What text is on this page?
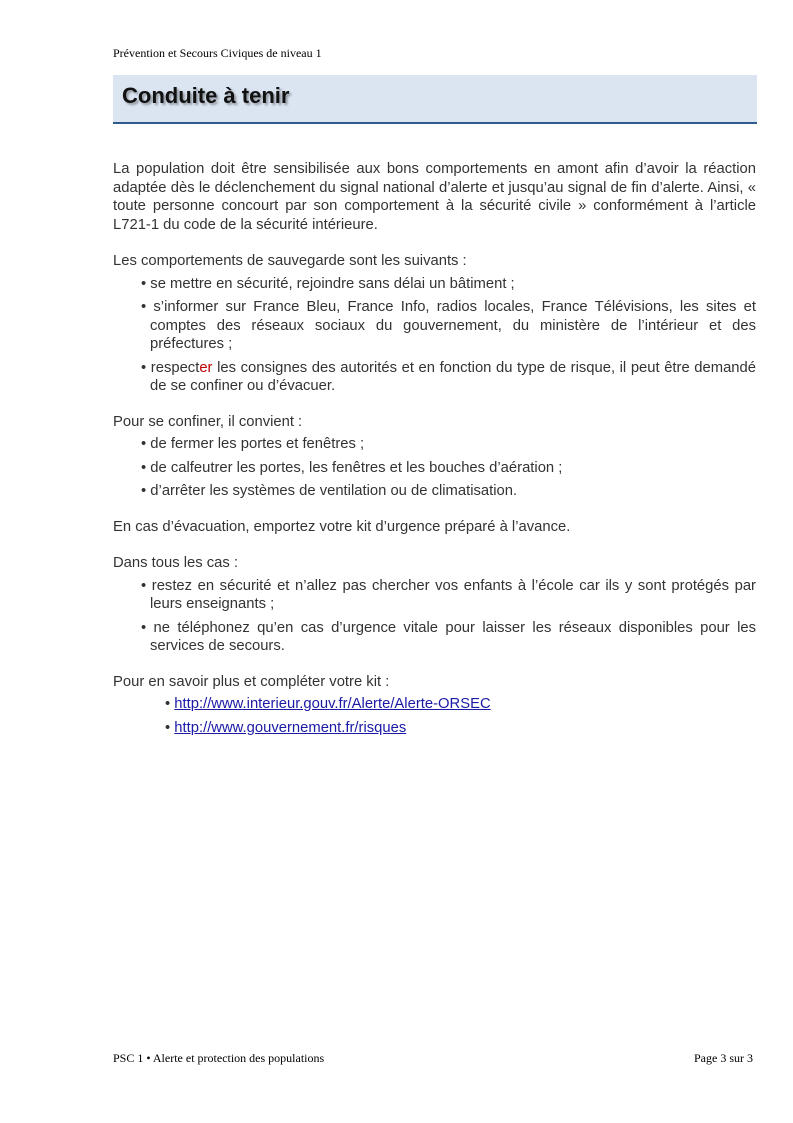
Prévention et Secours Civiques de niveau 1
Conduite à tenir

La population doit être sensibilisée aux bons comportements en amont afin d’avoir la réaction adaptée dès le déclenchement du signal national d’alerte et jusqu’au signal de fin d’alerte. Ainsi, « toute personne concourt par son comportement à la sécurité civile » conformément à l’article L721-1 du code de la sécurité intérieure.

Les comportements de sauvegarde sont les suivants :

• se mettre en sécurité, rejoindre sans délai un bâtiment ;
• s’informer sur France Bleu, France Info, radios locales, France Télévisions, les sites et comptes des réseaux sociaux du gouvernement, du ministère de l’intérieur et des préfectures ;
• respecter les consignes des autorités et en fonction du type de risque, il peut être demandé de se confiner ou d’évacuer.

Pour se confiner, il convient :

• de fermer les portes et fenêtres ;
• de calfeutrer les portes, les fenêtres et les bouches d’aération ;
• d’arrêter les systèmes de ventilation ou de climatisation.

En cas d’évacuation, emportez votre kit d’urgence préparé à l’avance.

Dans tous les cas :

• restez en sécurité et n’allez pas chercher vos enfants à l’école car ils y sont protégés par leurs enseignants ;
• ne téléphonez qu’en cas d’urgence vitale pour laisser les réseaux disponibles pour les services de secours.

Pour en savoir plus et compléter votre kit :

• http://www.interieur.gouv.fr/Alerte/Alerte-ORSEC
• http://www.gouvernement.fr/risques
PSC 1 • Alerte et protection des populations	Page 3 sur 3
